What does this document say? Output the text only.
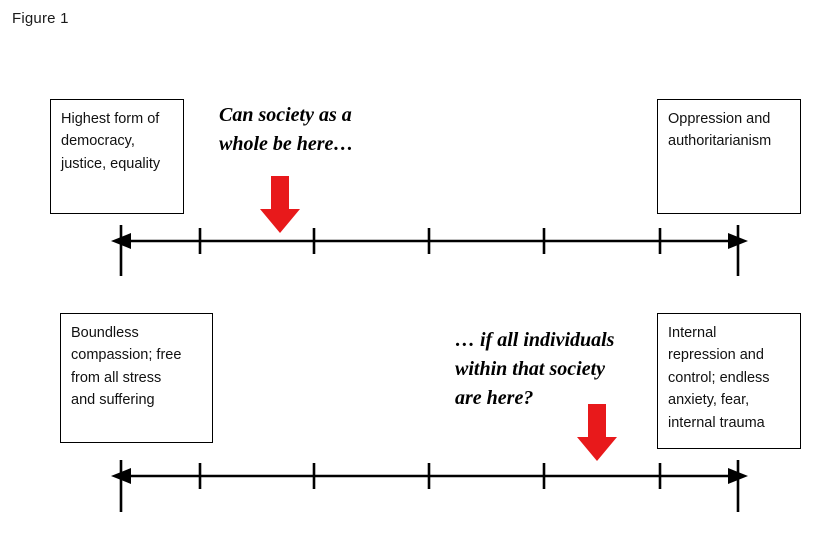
Figure 1
Highest form of
democracy,
justice, equality
Oppression and
authoritarianism
Can society as a
whole be here…
Boundless
compassion; free
from all stress
and suffering
Internal
repression and
control; endless
anxiety, fear,
internal trauma
… if all individuals
within that society
are here?
